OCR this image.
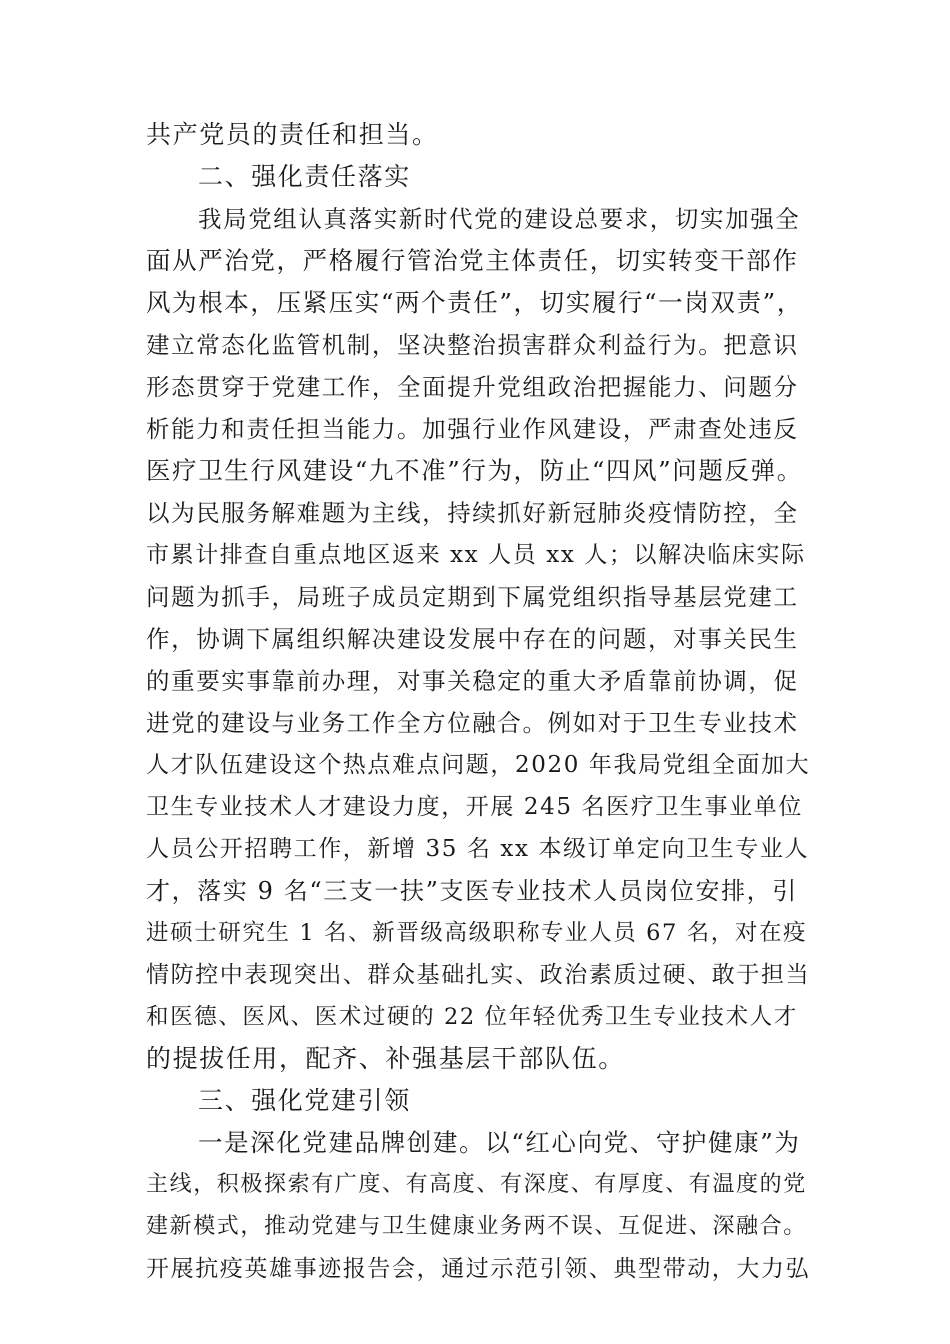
共产党员的责任和担当。
二、强化责任落实
我局党组认真落实新时代党的建设总要求，切实加强全
面从严治党，严格履行管治党主体责任，切实转变干部作
风为根本，压紧压实“两个责任”，切实履行“一岗双责”，
建立常态化监管机制，坚决整治损害群众利益行为。把意识
形态贯穿于党建工作，全面提升党组政治把握能力、问题分
析能力和责任担当能力。加强行业作风建设，严肃查处违反
医疗卫生行风建设“九不准”行为，防止“四风”问题反弹。
以为民服务解难题为主线，持续抓好新冠肺炎疫情防控，全
市累计排查自重点地区返来 xx 人员 xx 人；以解决临床实际
问题为抓手，局班子成员定期到下属党组织指导基层党建工
作，协调下属组织解决建设发展中存在的问题，对事关民生
的重要实事靠前办理，对事关稳定的重大矛盾靠前协调，促
进党的建设与业务工作全方位融合。例如对于卫生专业技术
人才队伍建设这个热点难点问题，2020 年我局党组全面加大
卫生专业技术人才建设力度，开展 245 名医疗卫生事业单位
人员公开招聘工作，新增 35 名 xx 本级订单定向卫生专业人
才，落实 9 名“三支一扶”支医专业技术人员岗位安排，引
进硕士研究生 1 名、新晋级高级职称专业人员 67 名，对在疫
情防控中表现突出、群众基础扎实、政治素质过硬、敢于担当
和医德、医风、医术过硬的 22 位年轻优秀卫生专业技术人才
的提拔任用，配齐、补强基层干部队伍。
三、强化党建引领
一是深化党建品牌创建。以“红心向党、守护健康”为
主线，积极探索有广度、有高度、有深度、有厚度、有温度的党
建新模式，推动党建与卫生健康业务两不误、互促进、深融合。
开展抗疫英雄事迹报告会，通过示范引领、典型带动，大力弘
